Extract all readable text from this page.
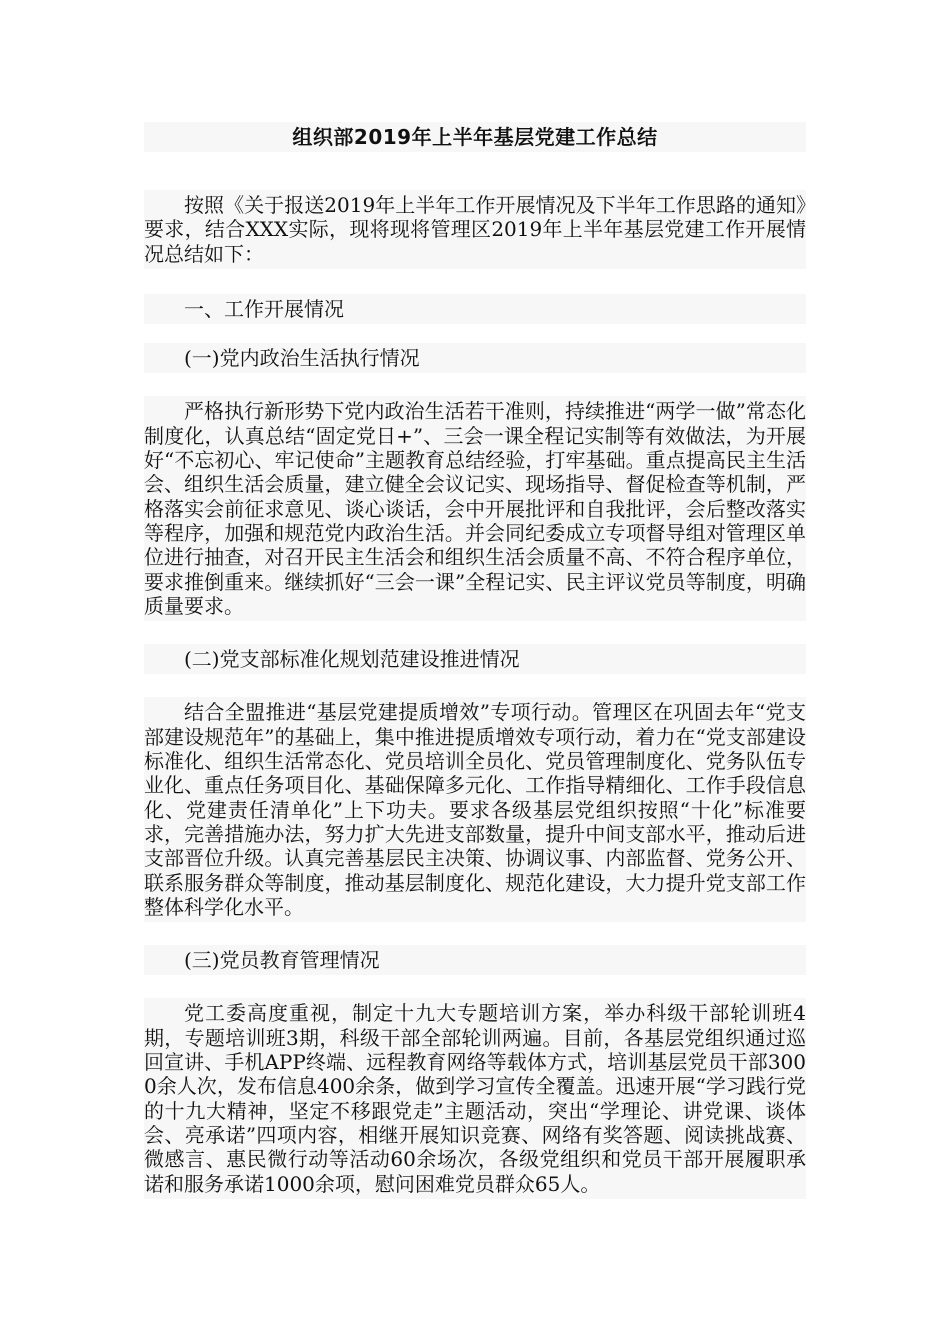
组织部2019年上半年基层党建工作总结

按照《关于报送2019年上半年工作开展情况及下半年工作思路的通知》要求，结合XXX实际，现将现将管理区2019年上半年基层党建工作开展情况总结如下：

一、工作开展情况

(一)党内政治生活执行情况

严格执行新形势下党内政治生活若干准则，持续推进“两学一做”常态化制度化，认真总结“固定党日+”、三会一课全程记实制等有效做法，为开展好“不忘初心、牢记使命”主题教育总结经验，打牢基础。重点提高民主生活会、组织生活会质量，建立健全会议记实、现场指导、督促检查等机制，严格落实会前征求意见、谈心谈话，会中开展批评和自我批评，会后整改落实等程序，加强和规范党内政治生活。并会同纪委成立专项督导组对管理区单位进行抽查，对召开民主生活会和组织生活会质量不高、不符合程序单位，要求推倒重来。继续抓好“三会一课”全程记实、民主评议党员等制度，明确质量要求。

(二)党支部标准化规划范建设推进情况

结合全盟推进“基层党建提质增效”专项行动。管理区在巩固去年“党支部建设规范年”的基础上，集中推进提质增效专项行动，着力在“党支部建设标准化、组织生活常态化、党员培训全员化、党员管理制度化、党务队伍专业化、重点任务项目化、基础保障多元化、工作指导精细化、工作手段信息化、党建责任清单化”上下功夫。要求各级基层党组织按照“十化”标准要求，完善措施办法，努力扩大先进支部数量，提升中间支部水平，推动后进支部晋位升级。认真完善基层民主决策、协调议事、内部监督、党务公开、联系服务群众等制度，推动基层制度化、规范化建设，大力提升党支部工作整体科学化水平。

(三)党员教育管理情况

党工委高度重视，制定十九大专题培训方案，举办科级干部轮训班4期，专题培训班3期，科级干部全部轮训两遍。目前，各基层党组织通过巡回宣讲、手机APP终端、远程教育网络等载体方式，培训基层党员干部3000余人次，发布信息400余条，做到学习宣传全覆盖。迅速开展“学习践行党的十九大精神，坚定不移跟党走”主题活动，突出“学理论、讲党课、谈体会、亮承诺”四项内容，相继开展知识竞赛、网络有奖答题、阅读挑战赛、微感言、惠民微行动等活动60余场次，各级党组织和党员干部开展履职承诺和服务承诺1000余项，慰问困难党员群众65人。
